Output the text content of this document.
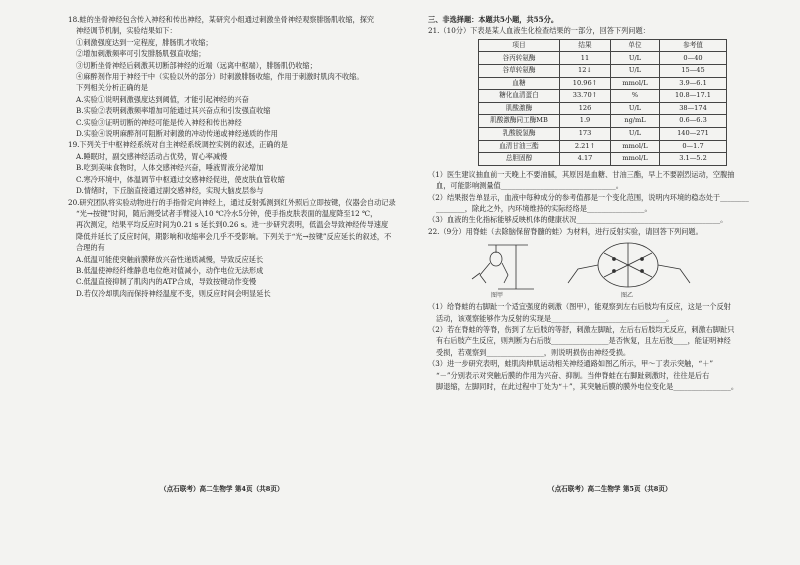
18.蛙的坐骨神经包含传入神经和传出神经，某研究小组通过刺激坐骨神经观察腓肠肌收缩，探究

神经调节机制，实验结果如下：

①刺激强度达到一定程度，腓肠肌才收缩；

②增加刺激频率可引发腓肠肌强直收缩；

③切断坐骨神经后刺激其切断部神经的近端（远离中枢端），腓肠肌仍收缩；

④麻醉剂作用于神经干中（实验以外的部分）时刺激腓肠收缩，作用于刺激时肌肉不收缩。

下列相关分析正确的是

A.实验①说明刺激强度达到阈值，才能引起神经的兴奋

B.实验②表明刺激频率增加可能通过其兴奋点和引发强直收缩

C.实验③证明切断的神经可能是传入神经和传出神经

D.实验④说明麻醉剂可阻断对刺激的冲动传递或神经递质的作用

19.下列关于中枢神经系统对自主神经系统调控实例的叙述，正确的是

A.睡眠时，副交感神经活动占优势，胃心率减慢

B.吃到美味食物时，人体交感神经兴奋，唾液胃液分泌增加

C.寒冷环境中，体温调节中枢通过交感神经促进，使皮肤血管收缩

D.情绪时，下丘脑直接通过副交感神经，实现大脑皮层参与

20.研究团队将实验动物进行的手指骨定向神经上，通过反射弧测到红外照后立即按键，仪器会自动记录

“光→按键”时间，随后测受试者手臂浸入10 ℃冷水5分钟，使手指皮肤表面的温度降至12 ℃，

再次测定，结果平均反应时间为0.21 s 延长到0.26 s。进一步研究表明，低温会导致神经传导速度

降低并延长了反应时间，期影响和收缩率会几乎不受影响。下列关于“光→按键”反应延长的叙述，不

合理的有

A.低温可能使突触前膜释放兴奋性递质减慢，导致反应延长

B.低温使神经纤维静息电位绝对值减小，动作电位无法形成

C.低温直接抑制了肌肉内的ATP合成，导致按键动作变慢

D.若仅冷却肌肉而保持神经温度不变，则反应时间会明显延长

三、非选择题：本题共5小题，共55分。

21.（10分）下表是某人血液生化检查结果的一部分，回答下列问题：

项目	结果	单位	参考值
谷丙转氨酶	11	U/L	0—40
谷草转氨酶	12↓	U/L	15—45
血糖	10.96↑	mmol/L	3.9—6.1
糖化血清蛋白	33.70↑	%	10.8—17.1
肌酸激酶	126	U/L	38—174
肌酸激酶同工酶MB	1.9	ng/mL	0.6—6.3
乳酸脱氢酶	173	U/L	140—271
血清甘油三酯	2.21↑	mmol/L	0—1.7
总胆固醇	4.17	mmol/L	3.1—5.2

（1）医生建议抽血前一天晚上不要油腻，其原因是血糖、甘油三酯，早上不要剧烈运动，空腹抽

血，可能影响测量值________________________________。

（2）结果报告单显示，血液中每种成分的参考值都是一个变化范围，说明内环境的稳态处于________

________，除此之外，内环境维持的实际经络是________________。

（3）血液的生化指标能够反映机体的健康状况________________________________________。

22.（9分）用脊蛙（去除脑保留脊髓的蛙）为材料，进行反射实验，请回答下列问题。

图甲	图乙

（1）给脊蛙的右脚趾一个适宜强度的刺激（图甲），能观察到左右后肢均有反应，这是一个反射

活动，该观察能够作为反射的实现是________________________________。

（2）若在脊蛙的等脊，伤到了左后肢的等舒，刺激左脚趾，左后右后肢均无反应，刺激右脚趾只

有右后肢产生反应，则判断为右后肢________________是否恢复，且左后肢____，能证明神经

受损，若观察到________________，则说明损伤由神经受损。

（3）进一步研究表明，蛙肌肉伸肌运动相关神经通路如图乙所示，甲～丁表示突触，“＋”

“－”分别表示对突触后膜的作用为兴奋、抑制。当伸脊蛙在右脚趾刺激时，往往是后右

脚退缩，左脚同时，在此过程中丁处为“＋”，其突触后膜的膜外电位变化是________________。

（点石联考）高二生物学 第4页（共8页）	（点石联考）高二生物学 第5页（共8页）
